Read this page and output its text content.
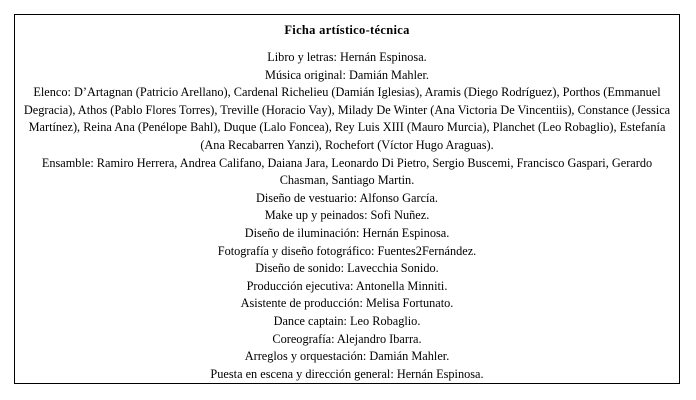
Ficha artístico-técnica

Libro y letras: Hernán Espinosa.

Música original: Damián Mahler.

Elenco: D’Artagnan (Patricio Arellano), Cardenal Richelieu (Damián Iglesias), Aramis (Diego Rodríguez), Porthos (Emmanuel Degracia), Athos (Pablo Flores Torres), Treville (Horacio Vay), Milady De Winter (Ana Victoria De Vincentiis), Constance (Jessica Martínez), Reina Ana (Penélope Bahl), Duque (Lalo Foncea), Rey Luis XIII (Mauro Murcia), Planchet (Leo Robaglio), Estefanía (Ana Recabarren Yanzi), Rochefort (Víctor Hugo Araguas).

Ensamble: Ramiro Herrera, Andrea Califano, Daiana Jara, Leonardo Di Pietro, Sergio Buscemi, Francisco Gaspari, Gerardo Chasman, Santiago Martin.

Diseño de vestuario: Alfonso García.

Make up y peinados: Sofi Nuñez.

Diseño de iluminación: Hernán Espinosa.

Fotografía y diseño fotográfico: Fuentes2Fernández.

Diseño de sonido: Lavecchia Sonido.

Producción ejecutiva: Antonella Minniti.

Asistente de producción: Melisa Fortunato.

Dance captain: Leo Robaglio.

Coreografía: Alejandro Ibarra.

Arreglos y orquestación: Damián Mahler.

Puesta en escena y dirección general: Hernán Espinosa.
